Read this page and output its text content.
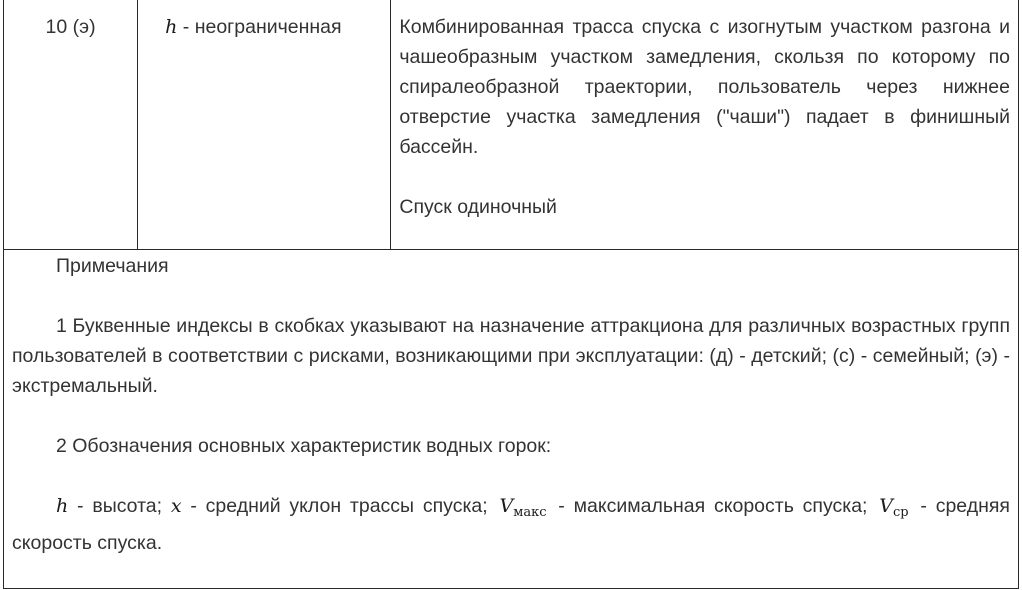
10 (э)	h - неограниченная	Комбинированная трасса спуска с изогнутым участком разгона и чашеобразным участком замедления, скользя по которому по спиралеобразной траектории, пользователь через нижнее отверстие участка замедления ("чаши") падает в финишный бассейн.

Спуск одиночный

Примечания

1 Буквенные индексы в скобках указывают на назначение аттракциона для различных возрастных групп пользователей в соответствии с рисками, возникающими при эксплуатации: (д) - детский; (с) - семейный; (э) - экстремальный.

2 Обозначения основных характеристик водных горок:

h - высота; x - средний уклон трассы спуска; $V_{макс}$ - максимальная скорость спуска; $V_{ср}$ - средняя скорость спуска.
